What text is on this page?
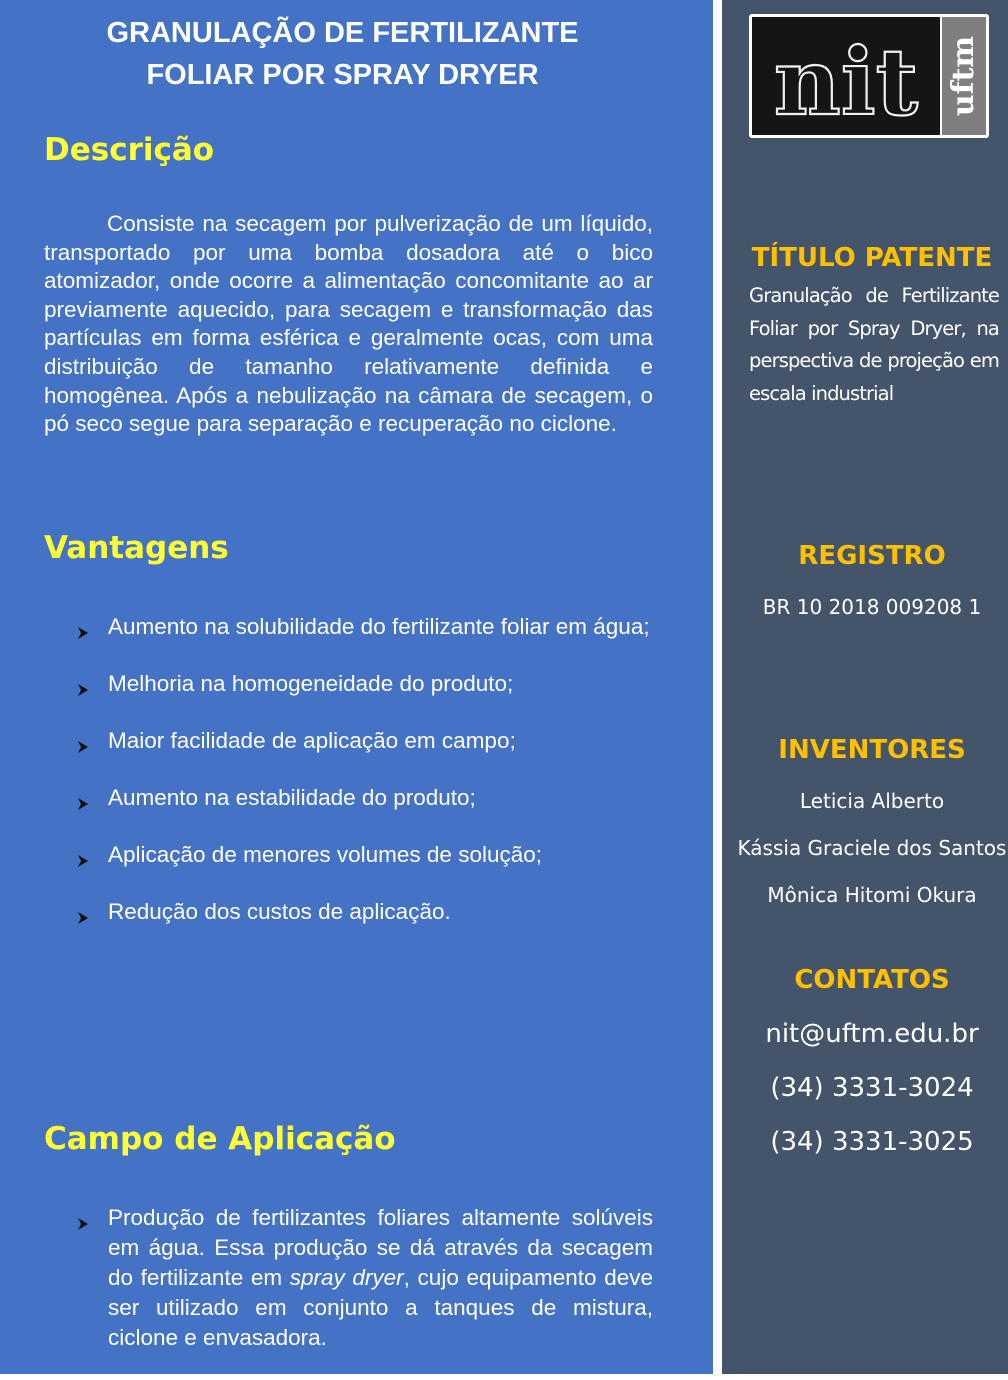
GRANULAÇÃO DE FERTILIZANTE
FOLIAR POR SPRAY DRYER
Descrição

Consiste na secagem por pulverização de um líquido, transportado por uma bomba dosadora até o bico atomizador, onde ocorre a alimentação concomitante ao ar previamente aquecido, para secagem e transformação das partículas em forma esférica e geralmente ocas, com uma distribuição de tamanho relativamente definida e homogênea. Após a nebulização na câmara de secagem, o pó seco segue para separação e recuperação no ciclone.

Vantagens
Aumento na solubilidade do fertilizante foliar em água;
Melhoria na homogeneidade do produto;
Maior facilidade de aplicação em campo;
Aumento na estabilidade do produto;
Aplicação de menores volumes de solução;
Redução dos custos de aplicação.
Campo de Aplicação
Produção de fertilizantes foliares altamente solúveis em água. Essa produção se dá através da secagem do fertilizante em spray dryer, cujo equipamento deve ser utilizado em conjunto a tanques de mistura, ciclone e envasadora.
nit uftm
TÍTULO PATENTE

Granulação de Fertilizante Foliar por Spray Dryer, na perspectiva de projeção em escala industrial

REGISTRO

BR 10 2018 009208 1

INVENTORES

Leticia Alberto

Kássia Graciele dos Santos

Mônica Hitomi Okura

CONTATOS

nit@uftm.edu.br

(34) 3331-3024

(34) 3331-3025
